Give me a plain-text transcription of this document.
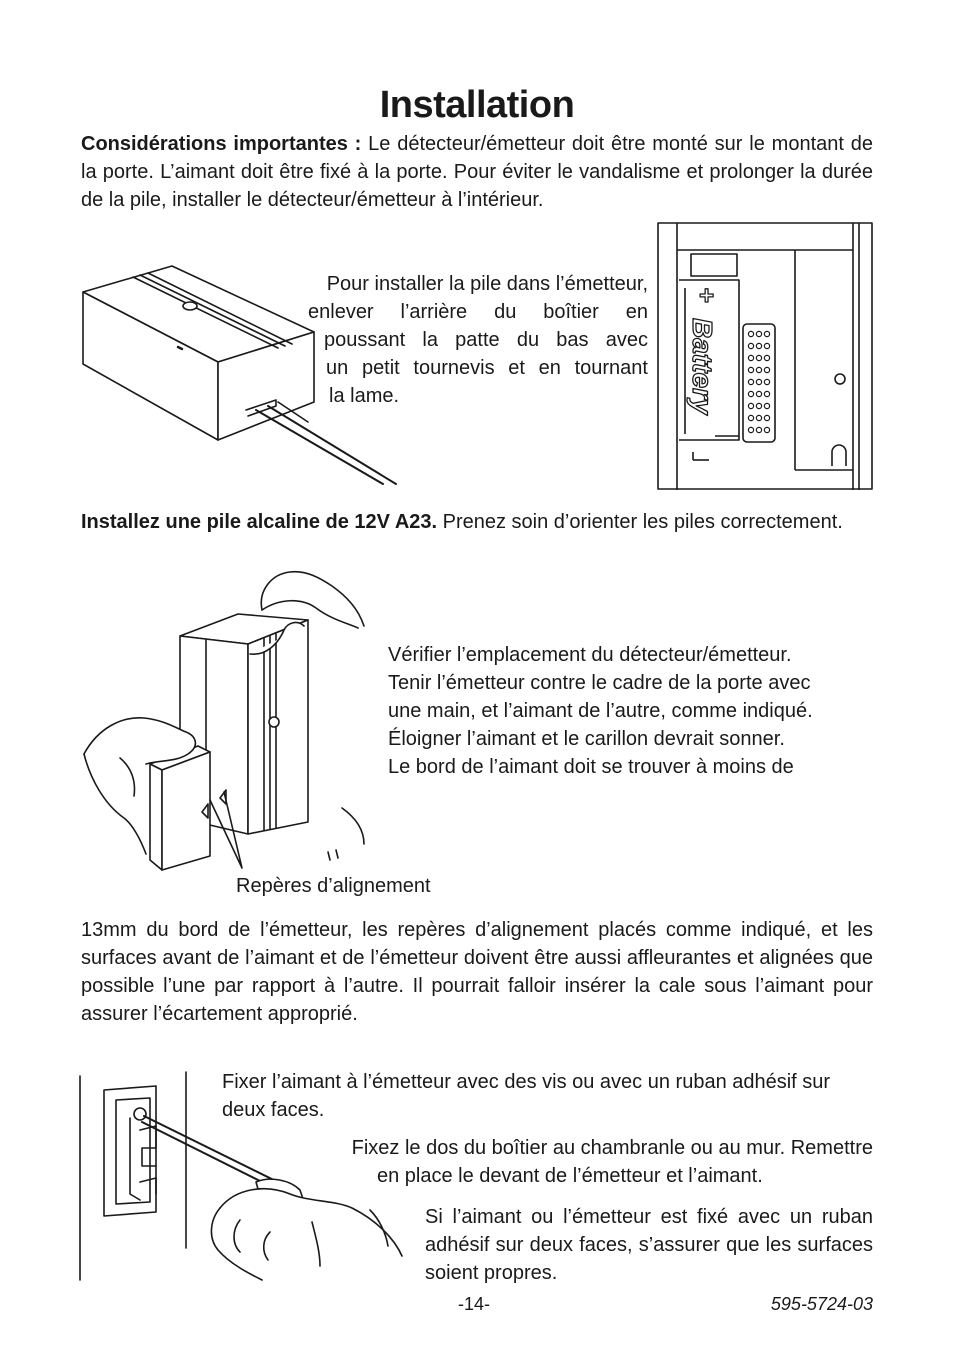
Installation
Considérations importantes : Le détecteur/émetteur doit être monté sur le montant de la porte. L’aimant doit être fixé à la porte. Pour éviter le vandalisme et prolonger la durée de la pile, installer le détecteur/émetteur à l’intérieur.
Pour installer la pile dans l’émetteur,
enlever l’arrière du boîtier en
poussant la patte du bas avec
un petit tournevis et en tournant
la lame.	Battery
+
Installez une pile alcaline de 12V A23. Prenez soin d’orienter les piles correctement.
Vérifier l’emplacement du détecteur/émetteur.
Tenir l’émetteur contre le cadre de la porte avec
une main, et l’aimant de l’autre, comme indiqué.
Éloigner l’aimant et le carillon devrait sonner.
Le bord de l’aimant doit se trouver à moins de
Repères d’alignement
13mm du bord de l’émetteur, les repères d’alignement placés comme indiqué, et les surfaces avant de l’aimant et de l’émetteur doivent être aussi affleurantes et alignées que possible l’une par rapport à l’autre. Il pourrait falloir insérer la cale sous l’aimant pour assurer l’écartement approprié.
Fixer l’aimant à l’émetteur avec des vis ou avec un ruban adhésif sur deux faces.
Fixez le dos du boîtier au chambranle ou au mur. Remettre
en place le devant de l’émetteur et l’aimant.
Si l’aimant ou l’émetteur est fixé avec un ruban adhésif sur deux faces, s’assurer que les surfaces soient propres.
-14-	595-5724-03
